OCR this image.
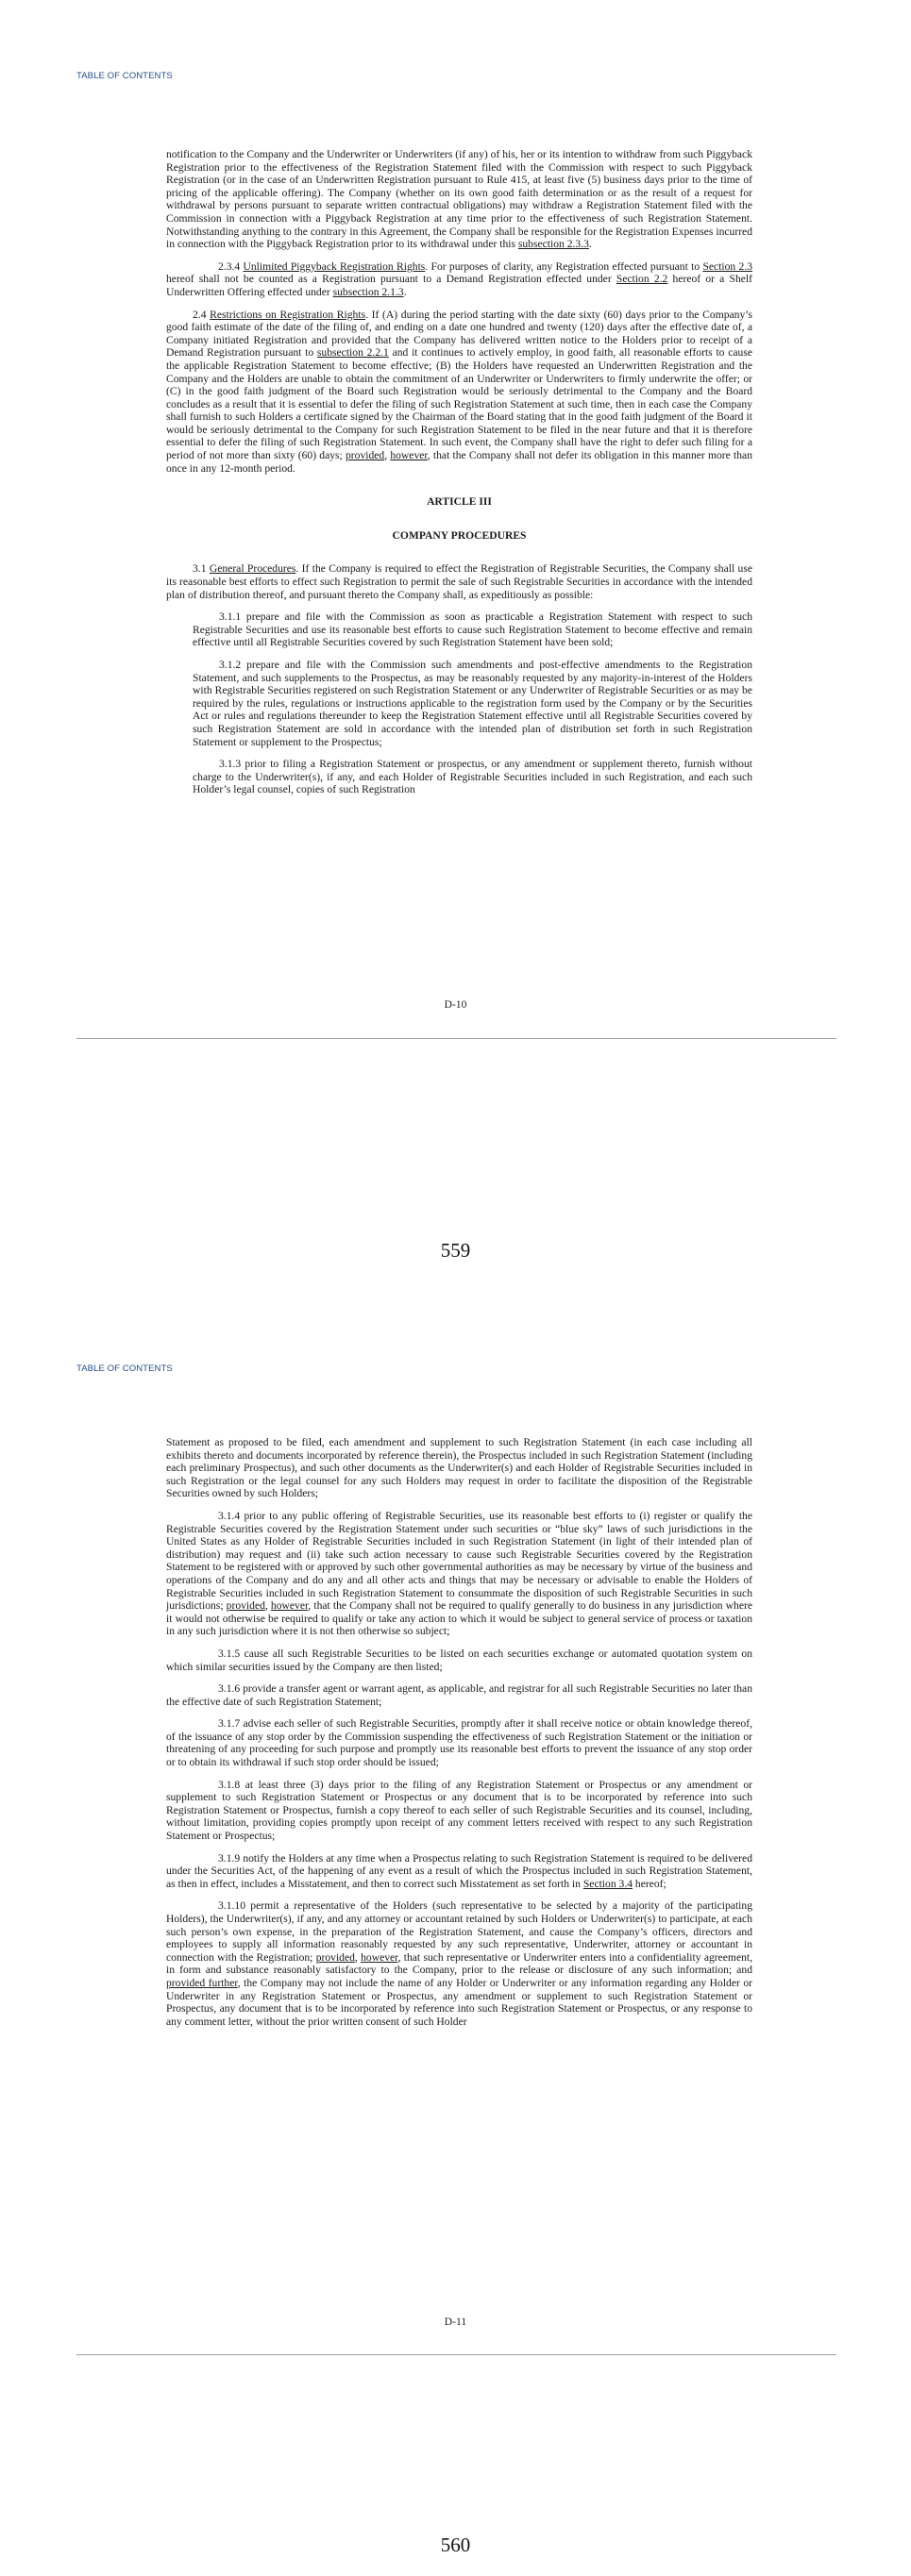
TABLE OF CONTENTS

notification to the Company and the Underwriter or Underwriters (if any) of his, her or its intention to withdraw from such Piggyback Registration prior to the effectiveness of the Registration Statement filed with the Commission with respect to such Piggyback Registration (or in the case of an Underwritten Registration pursuant to Rule 415, at least five (5) business days prior to the time of pricing of the applicable offering). The Company (whether on its own good faith determination or as the result of a request for withdrawal by persons pursuant to separate written contractual obligations) may withdraw a Registration Statement filed with the Commission in connection with a Piggyback Registration at any time prior to the effectiveness of such Registration Statement. Notwithstanding anything to the contrary in this Agreement, the Company shall be responsible for the Registration Expenses incurred in connection with the Piggyback Registration prior to its withdrawal under this subsection 2.3.3.

2.3.4 Unlimited Piggyback Registration Rights. For purposes of clarity, any Registration effected pursuant to Section 2.3 hereof shall not be counted as a Registration pursuant to a Demand Registration effected under Section 2.2 hereof or a Shelf Underwritten Offering effected under subsection 2.1.3.

2.4 Restrictions on Registration Rights. If (A) during the period starting with the date sixty (60) days prior to the Company’s good faith estimate of the date of the filing of, and ending on a date one hundred and twenty (120) days after the effective date of, a Company initiated Registration and provided that the Company has delivered written notice to the Holders prior to receipt of a Demand Registration pursuant to subsection 2.2.1 and it continues to actively employ, in good faith, all reasonable efforts to cause the applicable Registration Statement to become effective; (B) the Holders have requested an Underwritten Registration and the Company and the Holders are unable to obtain the commitment of an Underwriter or Underwriters to firmly underwrite the offer; or (C) in the good faith judgment of the Board such Registration would be seriously detrimental to the Company and the Board concludes as a result that it is essential to defer the filing of such Registration Statement at such time, then in each case the Company shall furnish to such Holders a certificate signed by the Chairman of the Board stating that in the good faith judgment of the Board it would be seriously detrimental to the Company for such Registration Statement to be filed in the near future and that it is therefore essential to defer the filing of such Registration Statement. In such event, the Company shall have the right to defer such filing for a period of not more than sixty (60) days; provided, however, that the Company shall not defer its obligation in this manner more than once in any 12-month period.

ARTICLE III

COMPANY PROCEDURES

3.1 General Procedures. If the Company is required to effect the Registration of Registrable Securities, the Company shall use its reasonable best efforts to effect such Registration to permit the sale of such Registrable Securities in accordance with the intended plan of distribution thereof, and pursuant thereto the Company shall, as expeditiously as possible:

3.1.1 prepare and file with the Commission as soon as practicable a Registration Statement with respect to such Registrable Securities and use its reasonable best efforts to cause such Registration Statement to become effective and remain effective until all Registrable Securities covered by such Registration Statement have been sold;

3.1.2 prepare and file with the Commission such amendments and post-effective amendments to the Registration Statement, and such supplements to the Prospectus, as may be reasonably requested by any majority-in-interest of the Holders with Registrable Securities registered on such Registration Statement or any Underwriter of Registrable Securities or as may be required by the rules, regulations or instructions applicable to the registration form used by the Company or by the Securities Act or rules and regulations thereunder to keep the Registration Statement effective until all Registrable Securities covered by such Registration Statement are sold in accordance with the intended plan of distribution set forth in such Registration Statement or supplement to the Prospectus;

3.1.3 prior to filing a Registration Statement or prospectus, or any amendment or supplement thereto, furnish without charge to the Underwriter(s), if any, and each Holder of Registrable Securities included in such Registration, and each such Holder’s legal counsel, copies of such Registration

D-10
559
TABLE OF CONTENTS

Statement as proposed to be filed, each amendment and supplement to such Registration Statement (in each case including all exhibits thereto and documents incorporated by reference therein), the Prospectus included in such Registration Statement (including each preliminary Prospectus), and such other documents as the Underwriter(s) and each Holder of Registrable Securities included in such Registration or the legal counsel for any such Holders may request in order to facilitate the disposition of the Registrable Securities owned by such Holders;

3.1.4 prior to any public offering of Registrable Securities, use its reasonable best efforts to (i) register or qualify the Registrable Securities covered by the Registration Statement under such securities or “blue sky” laws of such jurisdictions in the United States as any Holder of Registrable Securities included in such Registration Statement (in light of their intended plan of distribution) may request and (ii) take such action necessary to cause such Registrable Securities covered by the Registration Statement to be registered with or approved by such other governmental authorities as may be necessary by virtue of the business and operations of the Company and do any and all other acts and things that may be necessary or advisable to enable the Holders of Registrable Securities included in such Registration Statement to consummate the disposition of such Registrable Securities in such jurisdictions; provided, however, that the Company shall not be required to qualify generally to do business in any jurisdiction where it would not otherwise be required to qualify or take any action to which it would be subject to general service of process or taxation in any such jurisdiction where it is not then otherwise so subject;

3.1.5 cause all such Registrable Securities to be listed on each securities exchange or automated quotation system on which similar securities issued by the Company are then listed;

3.1.6 provide a transfer agent or warrant agent, as applicable, and registrar for all such Registrable Securities no later than the effective date of such Registration Statement;

3.1.7 advise each seller of such Registrable Securities, promptly after it shall receive notice or obtain knowledge thereof, of the issuance of any stop order by the Commission suspending the effectiveness of such Registration Statement or the initiation or threatening of any proceeding for such purpose and promptly use its reasonable best efforts to prevent the issuance of any stop order or to obtain its withdrawal if such stop order should be issued;

3.1.8 at least three (3) days prior to the filing of any Registration Statement or Prospectus or any amendment or supplement to such Registration Statement or Prospectus or any document that is to be incorporated by reference into such Registration Statement or Prospectus, furnish a copy thereof to each seller of such Registrable Securities and its counsel, including, without limitation, providing copies promptly upon receipt of any comment letters received with respect to any such Registration Statement or Prospectus;

3.1.9 notify the Holders at any time when a Prospectus relating to such Registration Statement is required to be delivered under the Securities Act, of the happening of any event as a result of which the Prospectus included in such Registration Statement, as then in effect, includes a Misstatement, and then to correct such Misstatement as set forth in Section 3.4 hereof;

3.1.10 permit a representative of the Holders (such representative to be selected by a majority of the participating Holders), the Underwriter(s), if any, and any attorney or accountant retained by such Holders or Underwriter(s) to participate, at each such person’s own expense, in the preparation of the Registration Statement, and cause the Company’s officers, directors and employees to supply all information reasonably requested by any such representative, Underwriter, attorney or accountant in connection with the Registration; provided, however, that such representative or Underwriter enters into a confidentiality agreement, in form and substance reasonably satisfactory to the Company, prior to the release or disclosure of any such information; and provided further, the Company may not include the name of any Holder or Underwriter or any information regarding any Holder or Underwriter in any Registration Statement or Prospectus, any amendment or supplement to such Registration Statement or Prospectus, any document that is to be incorporated by reference into such Registration Statement or Prospectus, or any response to any comment letter, without the prior written consent of such Holder

D-11
560
